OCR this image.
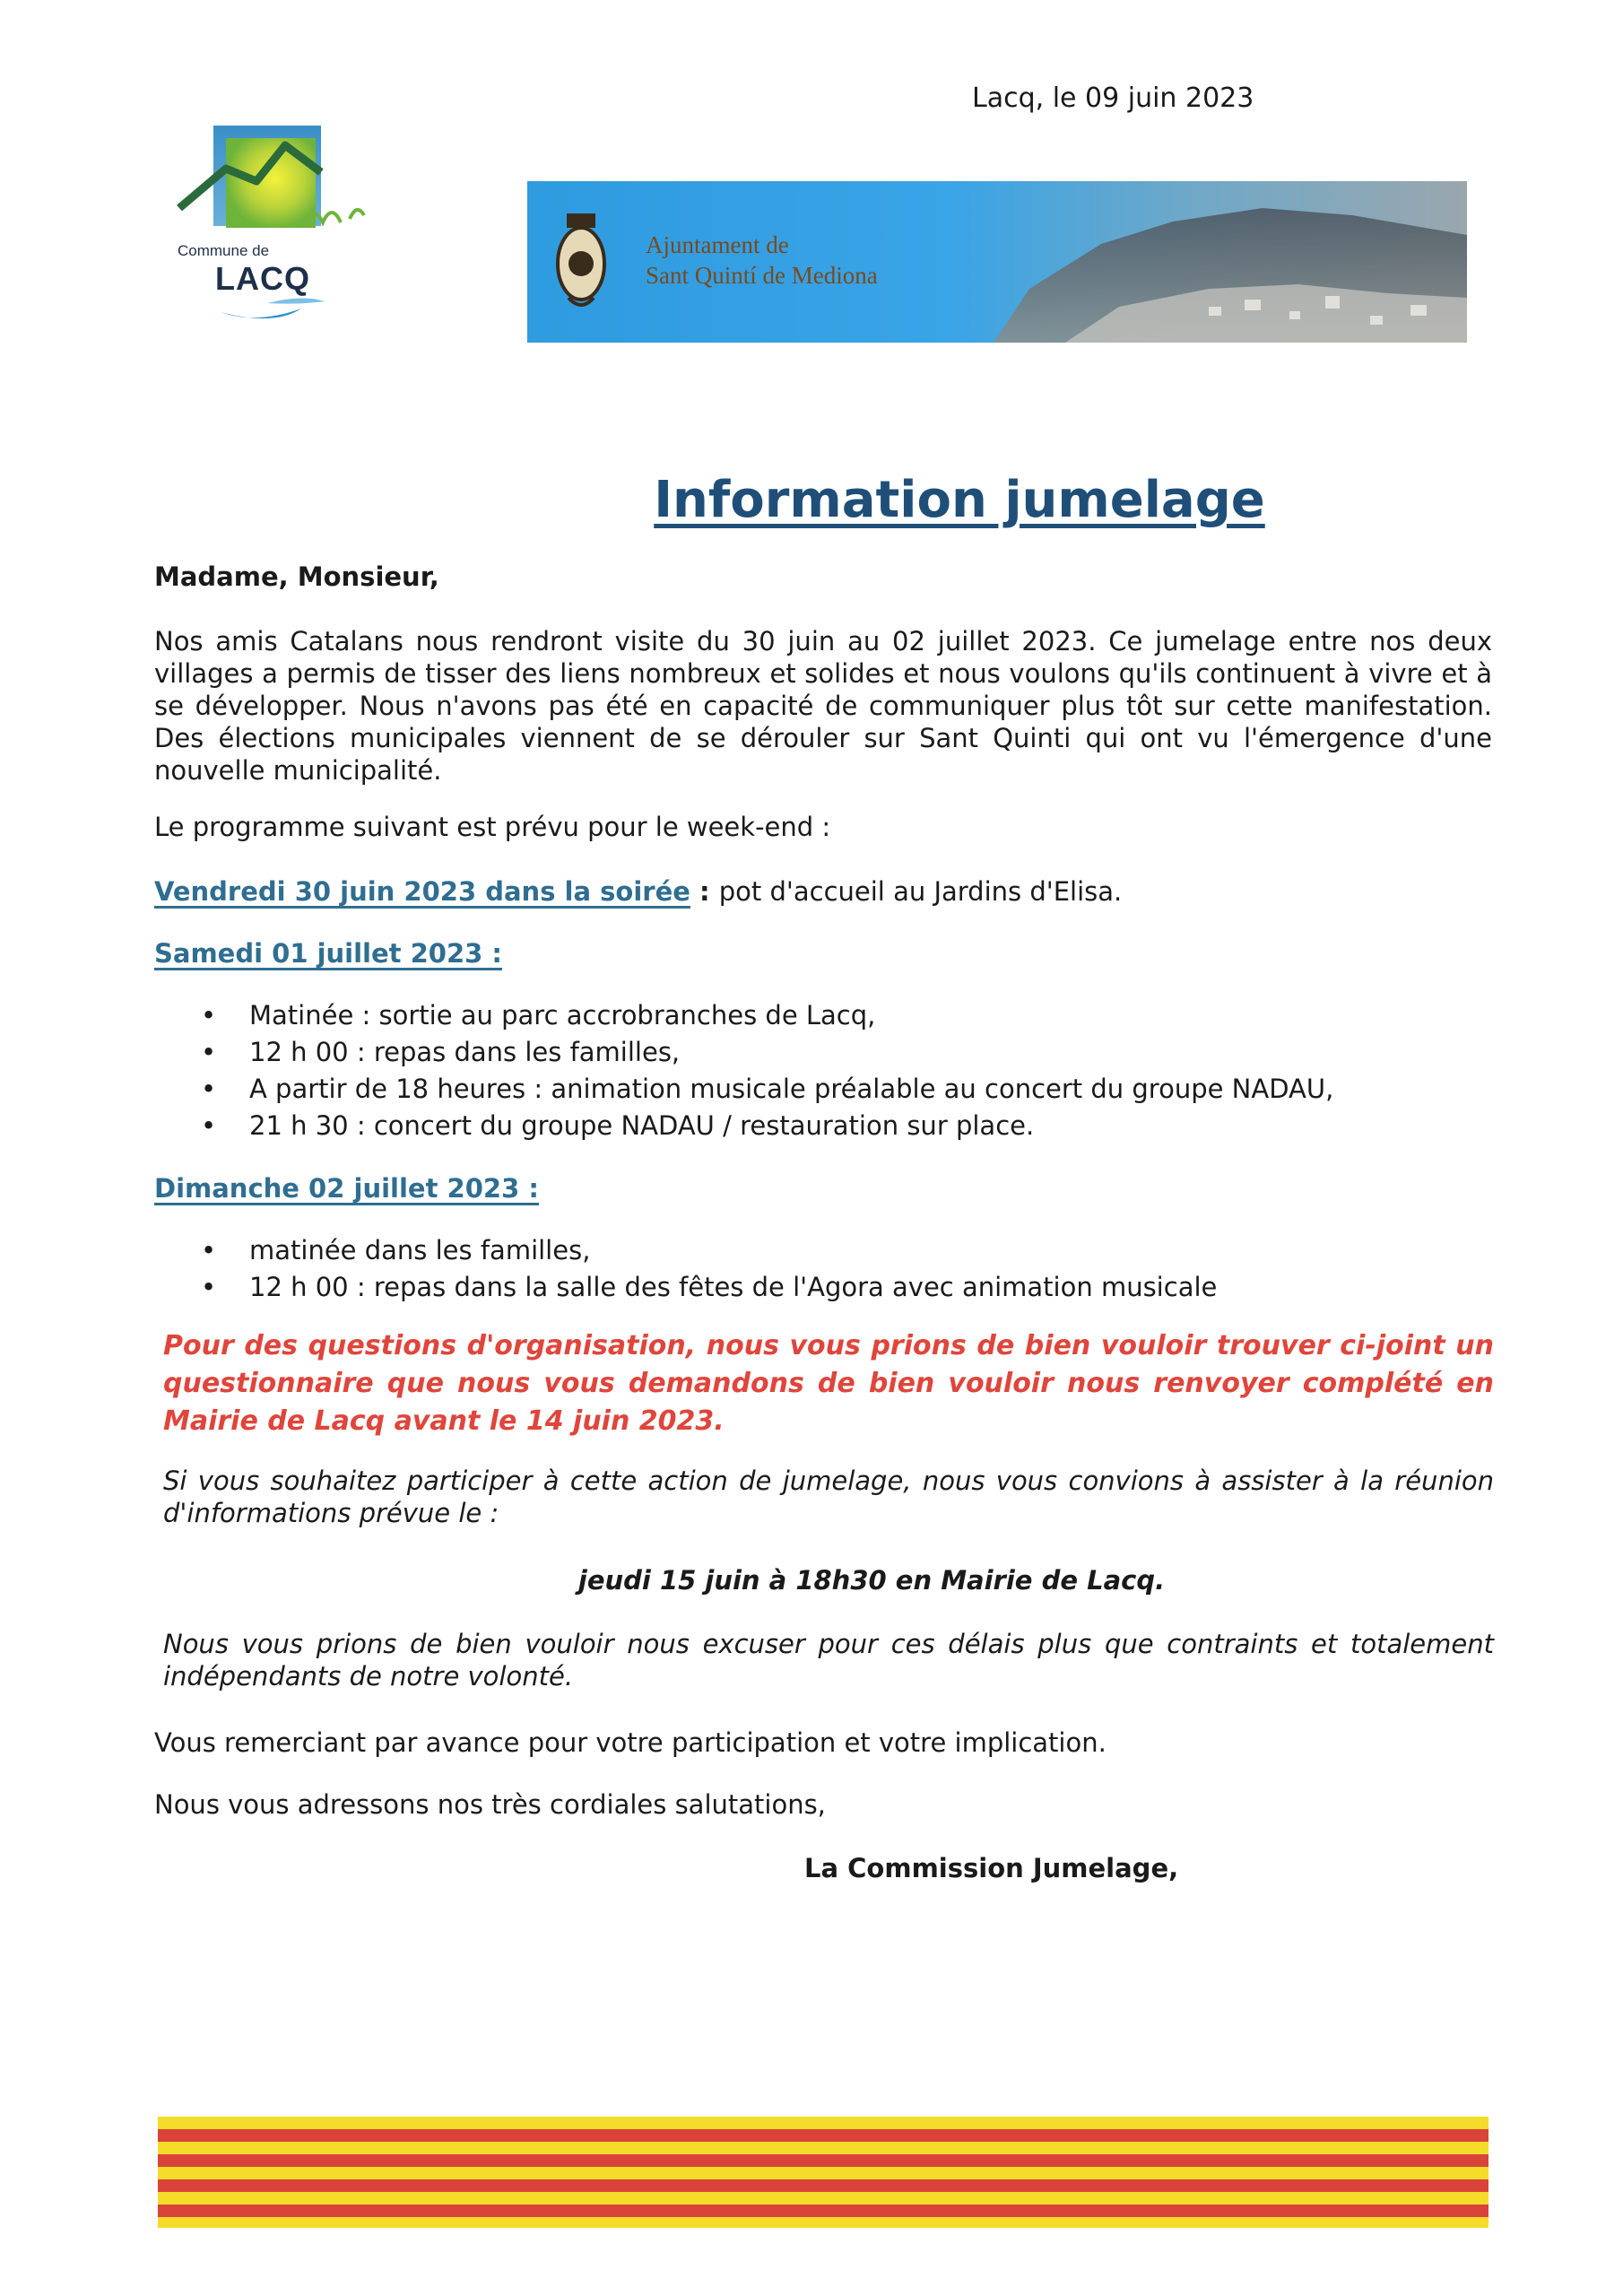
Lacq, le 09 juin 2023
Commune de
LACQ
Ajuntament de
Sant Quintí de Mediona
Information jumelage
Madame, Monsieur,
Nos amis Catalans nous rendront visite du 30 juin au 02 juillet 2023. Ce jumelage entre nos deux villages a permis de tisser des liens nombreux et solides et nous voulons qu'ils continuent à vivre et à se développer. Nous n'avons pas été en capacité de communiquer plus tôt sur cette manifestation. Des élections municipales viennent de se dérouler sur Sant Quinti qui ont vu l'émergence d'une nouvelle municipalité.
Le programme suivant est prévu pour le week-end :
Vendredi 30 juin 2023 dans la soirée : pot d'accueil au Jardins d'Elisa.
Samedi 01 juillet 2023 :
• Matinée : sortie au parc accrobranches de Lacq,
• 12 h 00 : repas dans les familles,
• A partir de 18 heures : animation musicale préalable au concert du groupe NADAU,
• 21 h 30 : concert du groupe NADAU / restauration sur place.
Dimanche 02 juillet 2023 :
• matinée dans les familles,
• 12 h 00 : repas dans la salle des fêtes de l'Agora avec animation musicale
Pour des questions d'organisation, nous vous prions de bien vouloir trouver ci-joint un questionnaire que nous vous demandons de bien vouloir nous renvoyer complété en Mairie de Lacq avant le 14 juin 2023.
Si vous souhaitez participer à cette action de jumelage, nous vous convions à assister à la réunion d'informations prévue le :
jeudi 15 juin à 18h30 en Mairie de Lacq.
Nous vous prions de bien vouloir nous excuser pour ces délais plus que contraints et totalement indépendants de notre volonté.
Vous remerciant par avance pour votre participation et votre implication.
Nous vous adressons nos très cordiales salutations,
La Commission Jumelage,
